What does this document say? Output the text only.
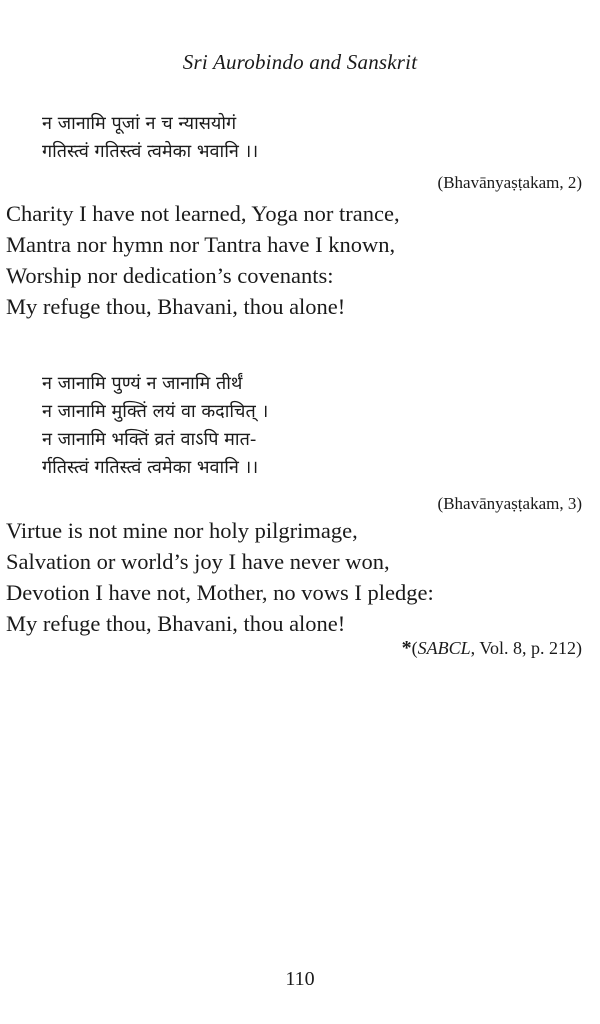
Sri Aurobindo and Sanskrit
न जानामि पूजां न च न्यासयोगं
गतिस्त्वं गतिस्त्वं त्वमेका भवानि ।।
(Bhavānyaṣṭakam, 2)
Charity I have not learned, Yoga nor trance,
Mantra nor hymn nor Tantra have I known,
Worship nor dedication’s covenants:
My refuge thou, Bhavani, thou alone!
न जानामि पुण्यं न जानामि तीर्थं
न जानामि मुक्तिं लयं वा कदाचित् ।
न जानामि भक्तिं व्रतं वाऽपि मात-
र्गतिस्त्वं गतिस्त्वं त्वमेका भवानि ।।
(Bhavānyaṣṭakam, 3)
Virtue is not mine nor holy pilgrimage,
Salvation or world’s joy I have never won,
Devotion I have not, Mother, no vows I pledge:
My refuge thou, Bhavani, thou alone!
*(SABCL, Vol. 8, p. 212)
110
